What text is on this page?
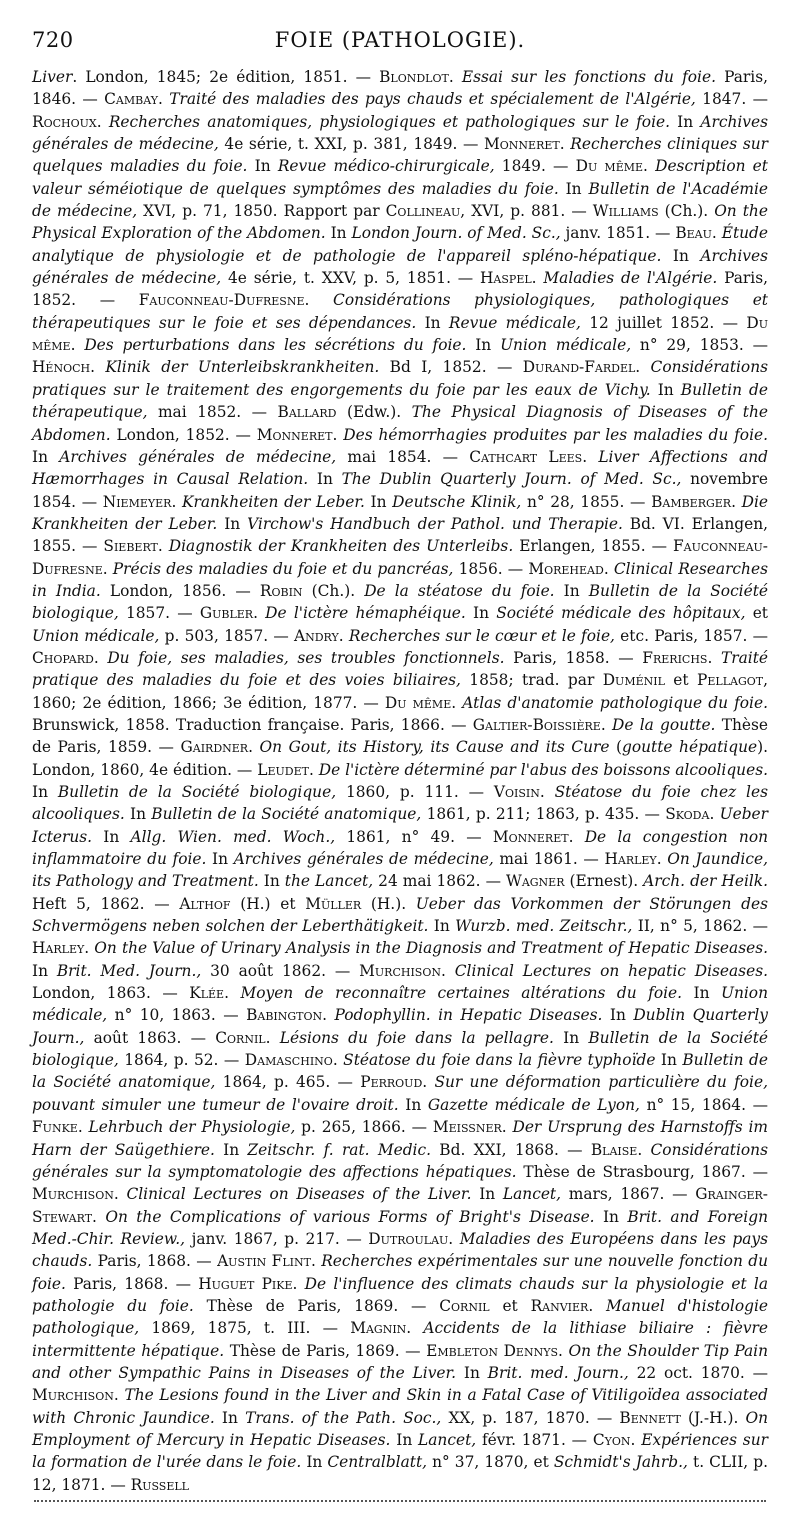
720	FOIE (PATHOLOGIE).

Liver. London, 1845; 2e édition, 1851. — Blondlot. Essai sur les fonctions du foie. Paris, 1846. — Cambay. Traité des maladies des pays chauds et spécialement de l'Algérie, 1847. — Rochoux. Recherches anatomiques, physiologiques et pathologiques sur le foie. In Archives générales de médecine, 4e série, t. XXI, p. 381, 1849. — Monneret. Recherches cliniques sur quelques maladies du foie. In Revue médico-chirurgicale, 1849. — Du même. Description et valeur séméiotique de quelques symptômes des maladies du foie. In Bulletin de l'Académie de médecine, XVI, p. 71, 1850. Rapport par Collineau, XVI, p. 881. — Williams (Ch.). On the Physical Exploration of the Abdomen. In London Journ. of Med. Sc., janv. 1851. — Beau. Étude analytique de physiologie et de pathologie de l'appareil spléno-hépatique. In Archives générales de médecine, 4e série, t. XXV, p. 5, 1851. — Haspel. Maladies de l'Algérie. Paris, 1852. — Fauconneau-Dufresne. Considérations physiologiques, pathologiques et thérapeutiques sur le foie et ses dépendances. In Revue médicale, 12 juillet 1852. — Du même. Des perturbations dans les sécrétions du foie. In Union médicale, n° 29, 1853. — Hénoch. Klinik der Unterleibskrankheiten. Bd I, 1852. — Durand-Fardel. Considérations pratiques sur le traitement des engorgements du foie par les eaux de Vichy. In Bulletin de thérapeutique, mai 1852. — Ballard (Edw.). The Physical Diagnosis of Diseases of the Abdomen. London, 1852. — Monneret. Des hémorrhagies produites par les maladies du foie. In Archives générales de médecine, mai 1854. — Cathcart Lees. Liver Affections and Hæmorrhages in Causal Relation. In The Dublin Quarterly Journ. of Med. Sc., novembre 1854. — Niemeyer. Krankheiten der Leber. In Deutsche Klinik, n° 28, 1855. — Bamberger. Die Krankheiten der Leber. In Virchow's Handbuch der Pathol. und Therapie. Bd. VI. Erlangen, 1855. — Siebert. Diagnostik der Krankheiten des Unterleibs. Erlangen, 1855. — Fauconneau-Dufresne. Précis des maladies du foie et du pancréas, 1856. — Morehead. Clinical Researches in India. London, 1856. — Robin (Ch.). De la stéatose du foie. In Bulletin de la Société biologique, 1857. — Gubler. De l'ictère hémaphéique. In Société médicale des hôpitaux, et Union médicale, p. 503, 1857. — Andry. Recherches sur le cœur et le foie, etc. Paris, 1857. — Chopard. Du foie, ses maladies, ses troubles fonctionnels. Paris, 1858. — Frerichs. Traité pratique des maladies du foie et des voies biliaires, 1858; trad. par Duménil et Pellagot, 1860; 2e édition, 1866; 3e édition, 1877. — Du même. Atlas d'anatomie pathologique du foie. Brunswick, 1858. Traduction française. Paris, 1866. — Galtier-Boissière. De la goutte. Thèse de Paris, 1859. — Gairdner. On Gout, its History, its Cause and its Cure (goutte hépatique). London, 1860, 4e édition. — Leudet. De l'ictère déterminé par l'abus des boissons alcooliques. In Bulletin de la Société biologique, 1860, p. 111. — Voisin. Stéatose du foie chez les alcooliques. In Bulletin de la Société anatomique, 1861, p. 211; 1863, p. 435. — Skoda. Ueber Icterus. In Allg. Wien. med. Woch., 1861, n° 49. — Monneret. De la congestion non inflammatoire du foie. In Archives générales de médecine, mai 1861. — Harley. On Jaundice, its Pathology and Treatment. In the Lancet, 24 mai 1862. — Wagner (Ernest). Arch. der Heilk. Heft 5, 1862. — Althof (H.) et Müller (H.). Ueber das Vorkommen der Störungen des Schvermögens neben solchen der Leberthätigkeit. In Wurzb. med. Zeitschr., II, n° 5, 1862. — Harley. On the Value of Urinary Analysis in the Diagnosis and Treatment of Hepatic Diseases. In Brit. Med. Journ., 30 août 1862. — Murchison. Clinical Lectures on hepatic Diseases. London, 1863. — Klée. Moyen de reconnaître certaines altérations du foie. In Union médicale, n° 10, 1863. — Babington. Podophyllin. in Hepatic Diseases. In Dublin Quarterly Journ., août 1863. — Cornil. Lésions du foie dans la pellagre. In Bulletin de la Société biologique, 1864, p. 52. — Damaschino. Stéatose du foie dans la fièvre typhoïde In Bulletin de la Société anatomique, 1864, p. 465. — Perroud. Sur une déformation particulière du foie, pouvant simuler une tumeur de l'ovaire droit. In Gazette médicale de Lyon, n° 15, 1864. — Funke. Lehrbuch der Physiologie, p. 265, 1866. — Meissner. Der Ursprung des Harnstoffs im Harn der Saügethiere. In Zeitschr. f. rat. Medic. Bd. XXI, 1868. — Blaise. Considérations générales sur la symptomatologie des affections hépatiques. Thèse de Strasbourg, 1867. — Murchison. Clinical Lectures on Diseases of the Liver. In Lancet, mars, 1867. — Grainger-Stewart. On the Complications of various Forms of Bright's Disease. In Brit. and Foreign Med.-Chir. Review., janv. 1867, p. 217. — Dutroulau. Maladies des Européens dans les pays chauds. Paris, 1868. — Austin Flint. Recherches expérimentales sur une nouvelle fonction du foie. Paris, 1868. — Huguet Pike. De l'influence des climats chauds sur la physiologie et la pathologie du foie. Thèse de Paris, 1869. — Cornil et Ranvier. Manuel d'histologie pathologique, 1869, 1875, t. III. — Magnin. Accidents de la lithiase biliaire : fièvre intermittente hépatique. Thèse de Paris, 1869. — Embleton Dennys. On the Shoulder Tip Pain and other Sympathic Pains in Diseases of the Liver. In Brit. med. Journ., 22 oct. 1870. — Murchison. The Lesions found in the Liver and Skin in a Fatal Case of Vitiligoïdea associated with Chronic Jaundice. In Trans. of the Path. Soc., XX, p. 187, 1870. — Bennett (J.-H.). On Employment of Mercury in Hepatic Diseases. In Lancet, févr. 1871. — Cyon. Expériences sur la formation de l'urée dans le foie. In Centralblatt, n° 37, 1870, et Schmidt's Jahrb., t. CLII, p. 12, 1871. — Russell
